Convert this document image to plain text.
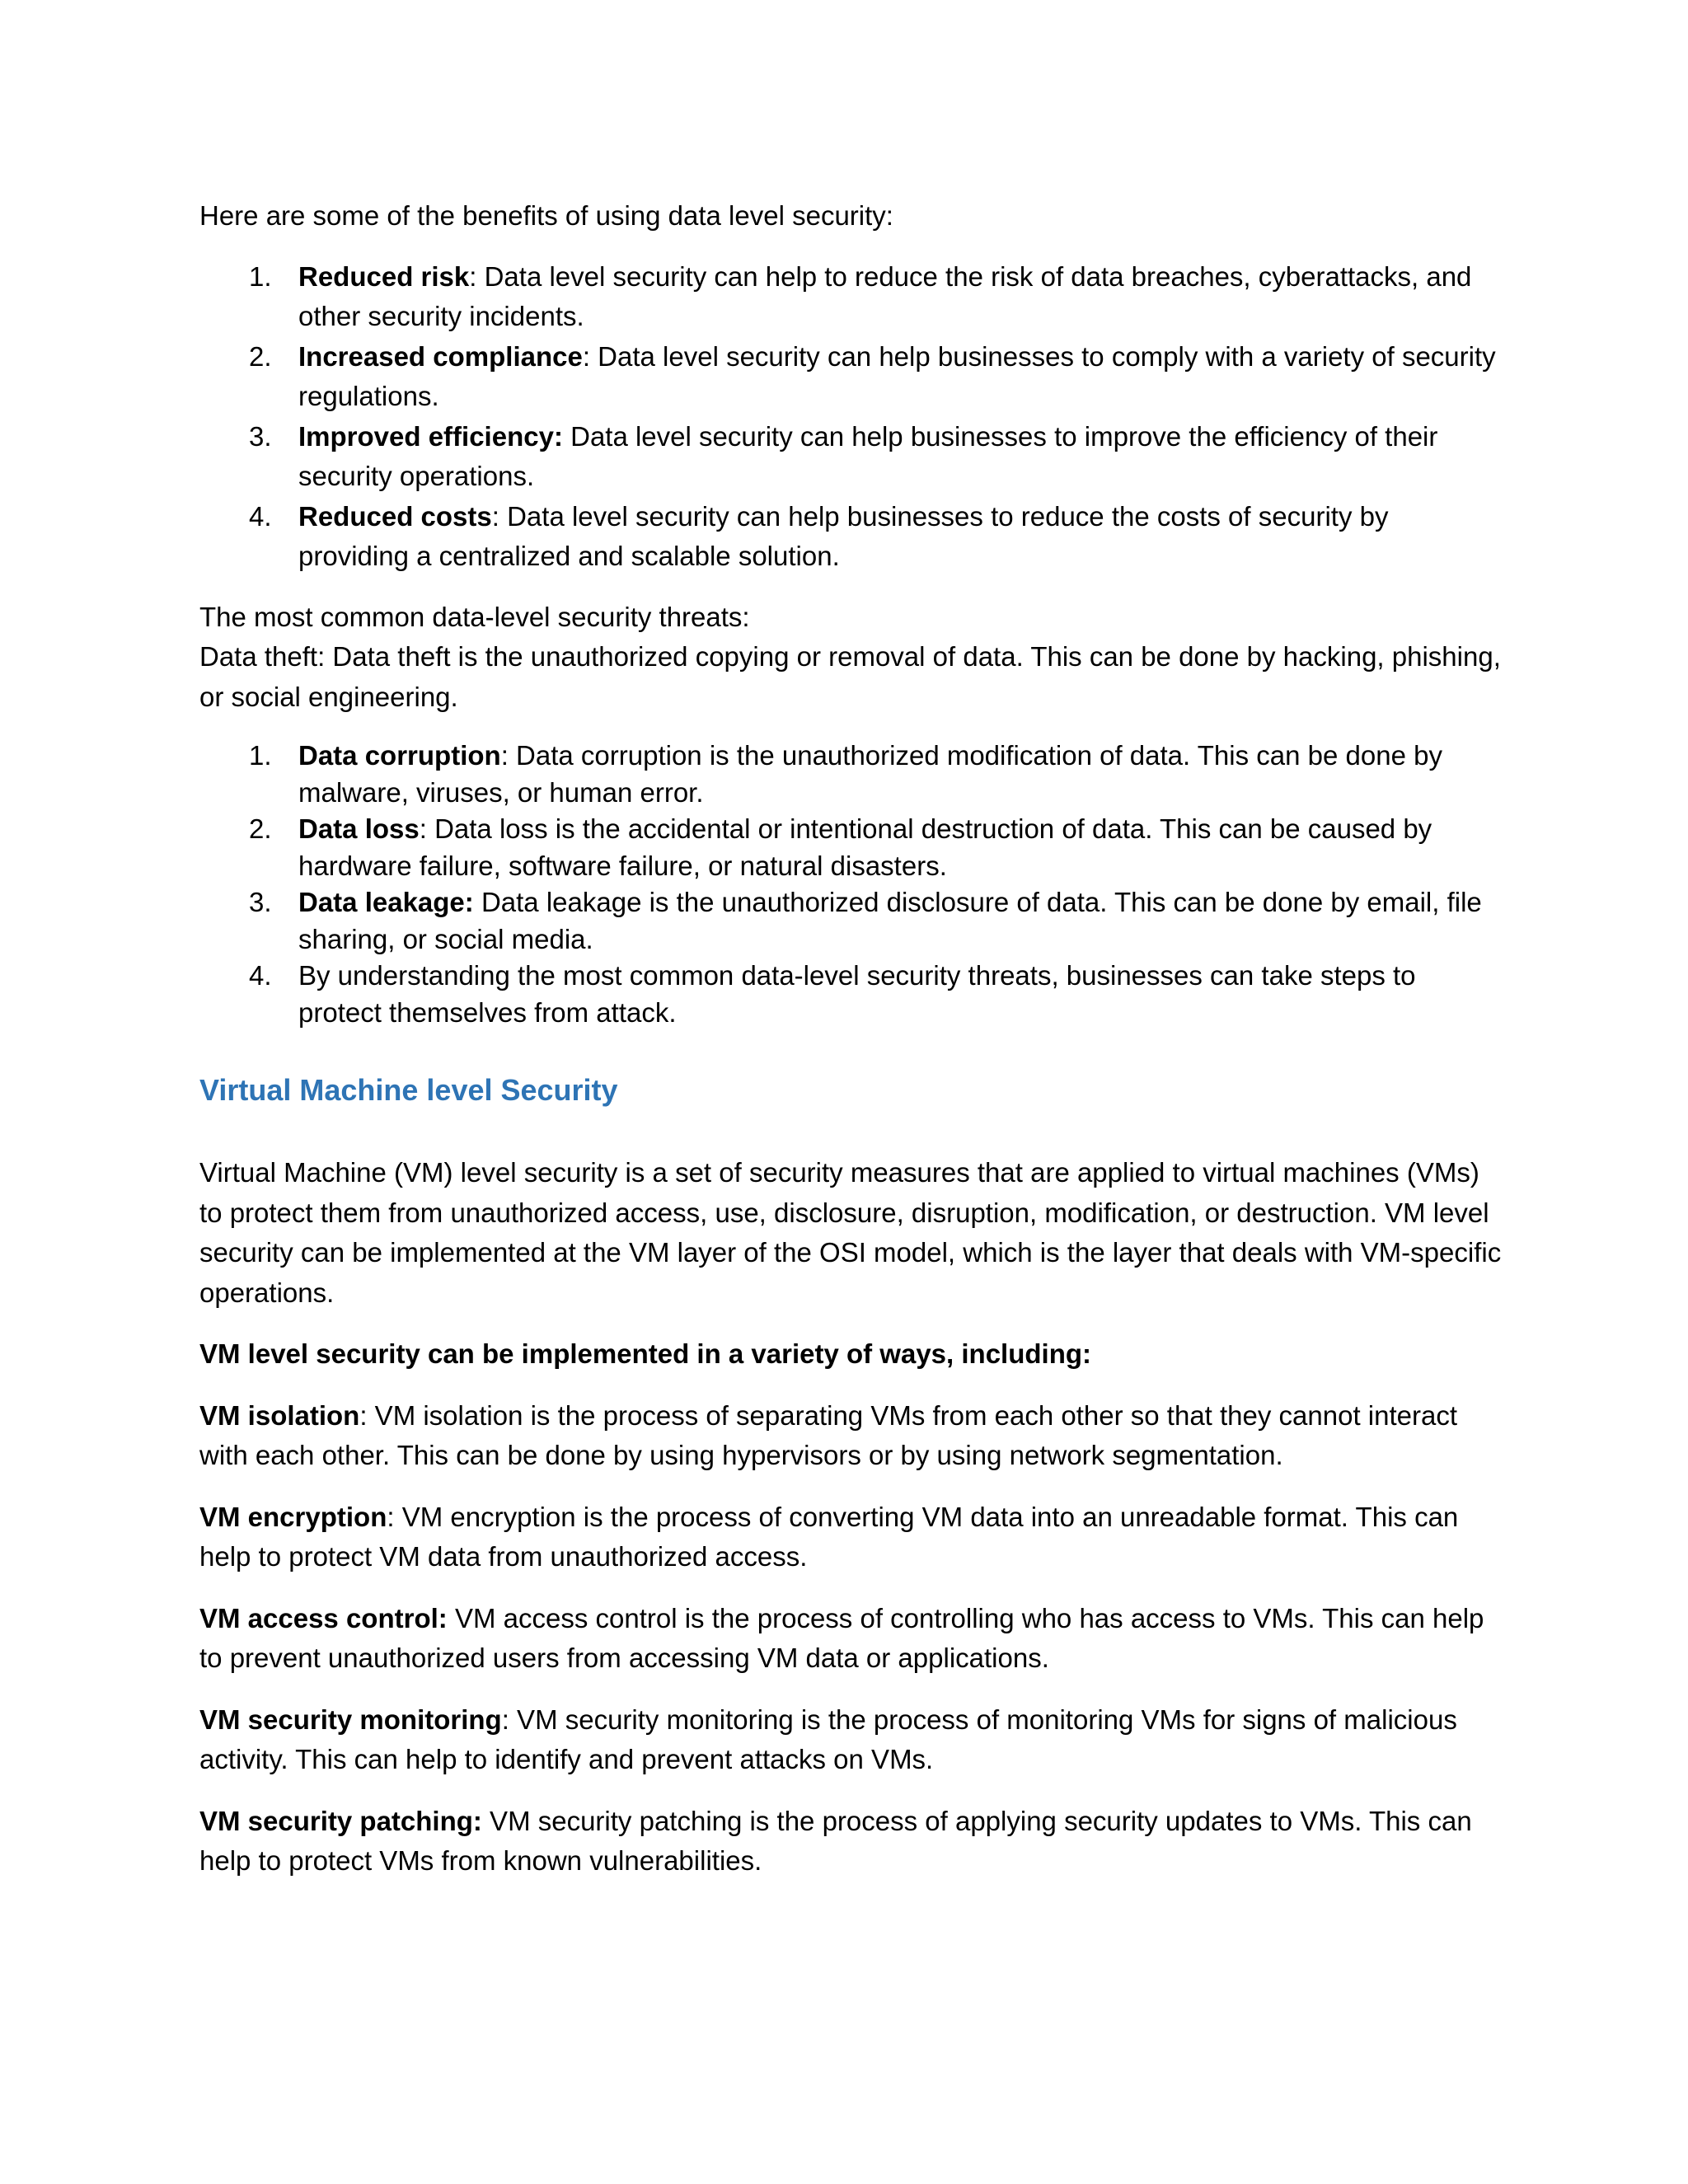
Here are some of the benefits of using data level security:

1. Reduced risk: Data level security can help to reduce the risk of data breaches, cyberattacks, and other security incidents.
2. Increased compliance: Data level security can help businesses to comply with a variety of security regulations.
3. Improved efficiency: Data level security can help businesses to improve the efficiency of their security operations.
4. Reduced costs: Data level security can help businesses to reduce the costs of security by providing a centralized and scalable solution.

The most common data-level security threats:

Data theft: Data theft is the unauthorized copying or removal of data. This can be done by hacking, phishing, or social engineering.

1. Data corruption: Data corruption is the unauthorized modification of data. This can be done by malware, viruses, or human error.
2. Data loss: Data loss is the accidental or intentional destruction of data. This can be caused by hardware failure, software failure, or natural disasters.
3. Data leakage: Data leakage is the unauthorized disclosure of data. This can be done by email, file sharing, or social media.
4. By understanding the most common data-level security threats, businesses can take steps to protect themselves from attack.
Virtual Machine level Security

Virtual Machine (VM) level security is a set of security measures that are applied to virtual machines (VMs) to protect them from unauthorized access, use, disclosure, disruption, modification, or destruction. VM level security can be implemented at the VM layer of the OSI model, which is the layer that deals with VM-specific operations.

VM level security can be implemented in a variety of ways, including:

VM isolation: VM isolation is the process of separating VMs from each other so that they cannot interact with each other. This can be done by using hypervisors or by using network segmentation.

VM encryption: VM encryption is the process of converting VM data into an unreadable format. This can help to protect VM data from unauthorized access.

VM access control: VM access control is the process of controlling who has access to VMs. This can help to prevent unauthorized users from accessing VM data or applications.

VM security monitoring: VM security monitoring is the process of monitoring VMs for signs of malicious activity. This can help to identify and prevent attacks on VMs.

VM security patching: VM security patching is the process of applying security updates to VMs. This can help to protect VMs from known vulnerabilities.
